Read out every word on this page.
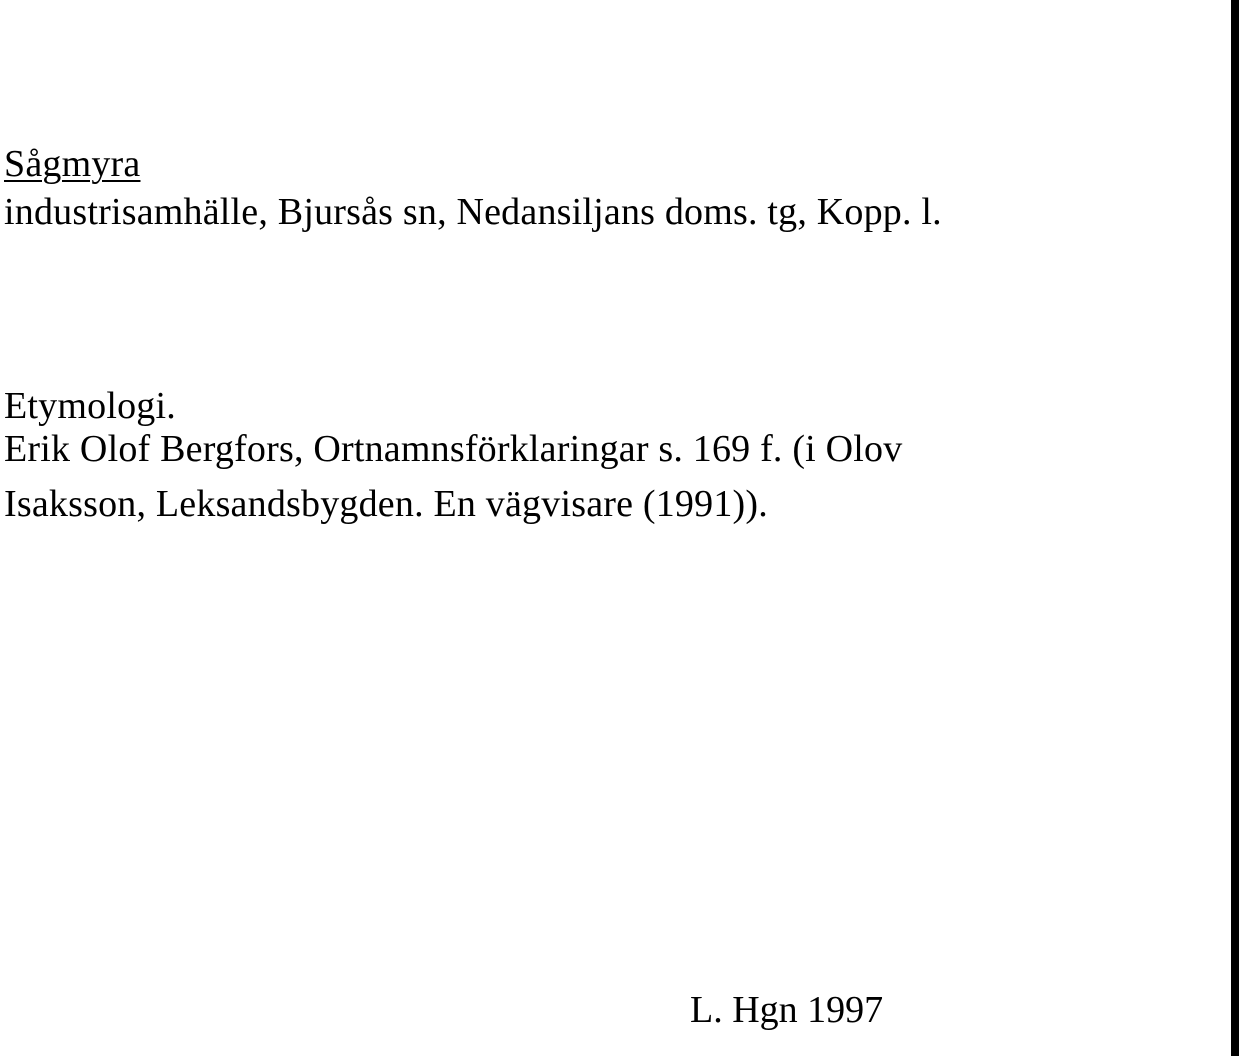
Sågmyra
industrisamhälle, Bjursås sn, Nedansiljans doms. tg, Kopp. l.
Etymologi.
Erik Olof Bergfors, Ortnamnsförklaringar s. 169 f. (i Olov
Isaksson, Leksandsbygden. En vägvisare (1991)).
L. Hgn 1997
